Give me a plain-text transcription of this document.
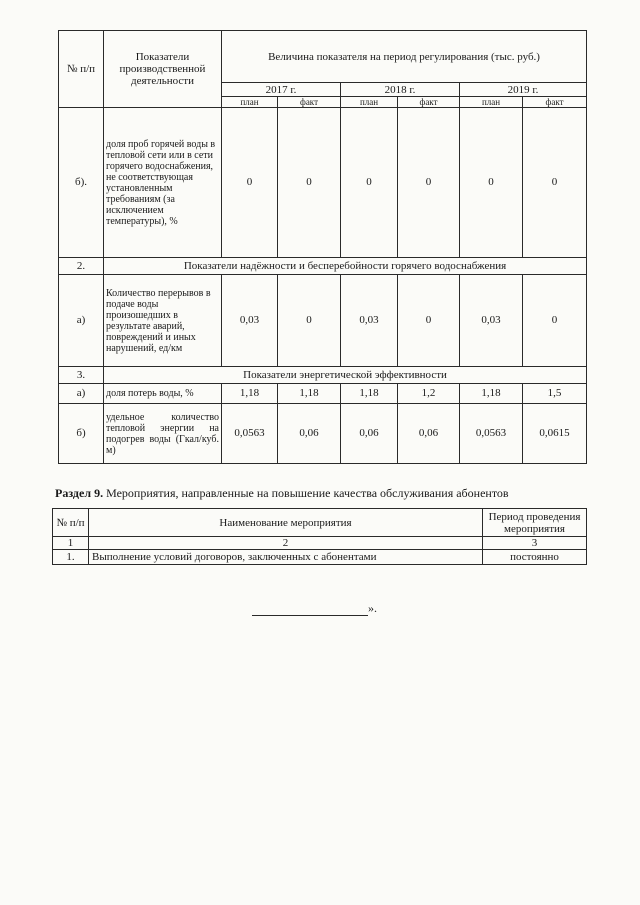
№ п/п	Показатели производственной деятельности	Величина показателя на период регулирования (тыс. руб.)					
		2017 г.		2018 г.		2019 г.	
		план	факт	план	факт	план	факт
б).	доля проб горячей воды в тепловой сети или в сети горячего водоснабжения, не соответствующая установленным требованиям (за исключением температуры), %	0	0	0	0	0	0
2.	Показатели надёжности и бесперебойности горячего водоснабжения						
а)	Количество перерывов в подаче воды произошедших в результате аварий, повреждений и иных нарушений, ед/км	0,03	0	0,03	0	0,03	0
3.	Показатели энергетической эффективности						
а)	доля потерь воды, %	1,18	1,18	1,18	1,2	1,18	1,5
б)	удельное количество тепловой энергии на подогрев воды (Гкал/куб. м)	0,0563	0,06	0,06	0,06	0,0563	0,0615
Раздел 9. Мероприятия, направленные на повышение качества обслуживания абонентов
№ п/п	Наименование мероприятия	Период проведения мероприятия
1	2	3
1.	Выполнение условий договоров, заключенных с абонентами	постоянно
».
